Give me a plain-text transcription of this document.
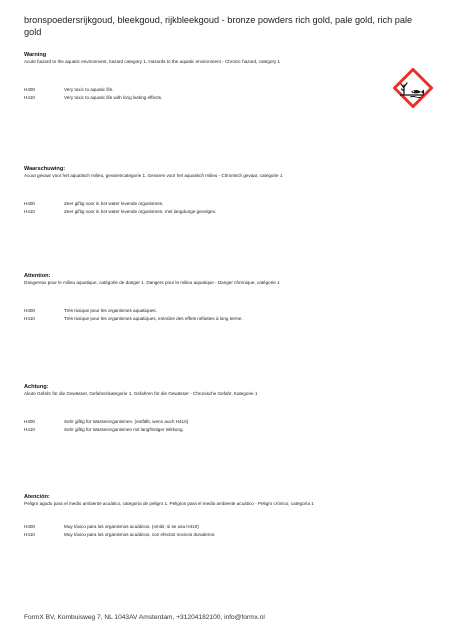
bronspoedersrijkgoud, bleekgoud, rijkbleekgoud - bronze powders rich gold, pale gold, rich pale gold
Warning
Acute hazard to the aquatic environment, hazard category 1. Hazards to the aquatic environment - Chronic hazard, category 1
H400	Very toxic to aquatic life.
H410	Very toxic to aquatic life with long lasting effects.
Waarschuwing:
Acuut gevaar voor het aquatisch milieu, gevarencategorie 1. Gevaren voor het aquatisch milieu - Chronisch gevaar, categorie 1
H400	Zeer giftig voor in het water levende organismen.
H410	Zeer giftig voor in het water levende organismen, met langdurige gevolgen.
Attention:
Dangereux pour le milieu aquatique, catégorie de danger 1. Dangers pour le milieu aquatique - Danger chronique, catégorie 1
H400	Très toxique pour les organismes aquatiques.
H410	Très toxique pour les organismes aquatiques, entraîne des effets néfastes à long terme.
Achtung:
Akute Gefahr für die Gewässer, Gefahrenkategorie 1. Gefahren für die Gewässer - Chronische Gefahr, Kategorie 1
H400	Sehr giftig für Wasserorganismen. (entfällt, wenn auch H410)
H410	Sehr giftig für Wasserorganismen mit langfristiger Wirkung.
Atención:
Peligro agudo para el medio ambiente acuático, categoría de peligro 1. Peligros para el medio ambiente acuático - Peligro crónico, categoría 1
H400	Muy tóxico para los organismos acuáticos. (omitir, si se usa H410)
H410	Muy tóxico para los organismos acuáticos, con efectos nocivos duraderos.
FormX BV, Kombuisweg 7, NL 1043AV Amsterdam, +31204182100, info@formx.nl
